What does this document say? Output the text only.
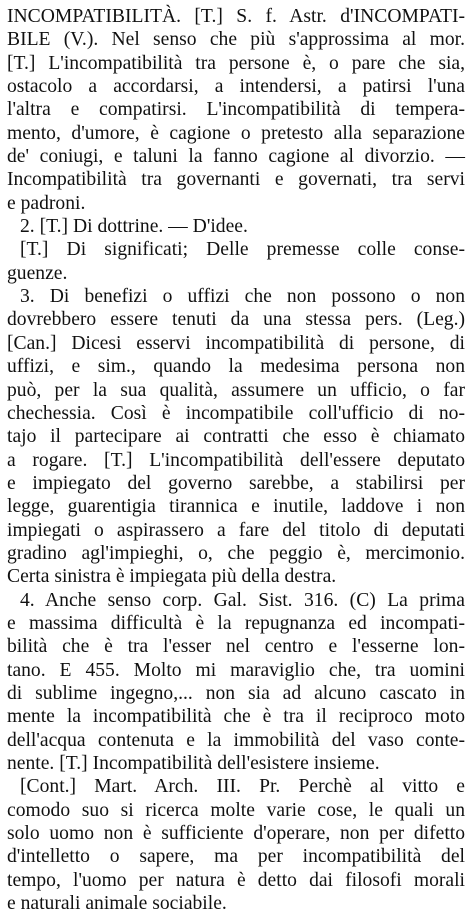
INCOMPATIBILITÀ. [T.] S. f. Astr. d'INCOMPATI-
BILE (V.). Nel senso che più s'approssima al mor.
[T.] L'incompatibilità tra persone è, o pare che sia,
ostacolo a accordarsi, a intendersi, a patirsi l'una
l'altra e compatirsi. L'incompatibilità di tempera-
mento, d'umore, è cagione o pretesto alla separazione
de' coniugi, e taluni la fanno cagione al divorzio. —
Incompatibilità tra governanti e governati, tra servi
e padroni.
2. [T.] Di dottrine. — D'idee.
[T.] Di significati; Delle premesse colle conse-
guenze.
3. Di benefizi o uffizi che non possono o non
dovrebbero essere tenuti da una stessa pers. (Leg.)
[Can.] Dicesi esservi incompatibilità di persone, di
uffizi, e sim., quando la medesima persona non
può, per la sua qualità, assumere un ufficio, o far
chechessia. Così è incompatibile coll'ufficio di no-
tajo il partecipare ai contratti che esso è chiamato
a rogare. [T.] L'incompatibilità dell'essere deputato
e impiegato del governo sarebbe, a stabilirsi per
legge, guarentigia tirannica e inutile, laddove i non
impiegati o aspirassero a fare del titolo di deputati
gradino agl'impieghi, o, che peggio è, mercimonio.
Certa sinistra è impiegata più della destra.
4. Anche senso corp. Gal. Sist. 316. (C) La prima
e massima difficultà è la repugnanza ed incompati-
bilità che è tra l'esser nel centro e l'esserne lon-
tano. E 455. Molto mi maraviglio che, tra uomini
di sublime ingegno,... non sia ad alcuno cascato in
mente la incompatibilità che è tra il reciproco moto
dell'acqua contenuta e la immobilità del vaso conte-
nente. [T.] Incompatibilità dell'esistere insieme.
[Cont.] Mart. Arch. III. Pr. Perchè al vitto e
comodo suo si ricerca molte varie cose, le quali un
solo uomo non è sufficiente d'operare, non per difetto
d'intelletto o sapere, ma per incompatibilità del
tempo, l'uomo per natura è detto dai filosofi morali
e naturali animale sociabile.
